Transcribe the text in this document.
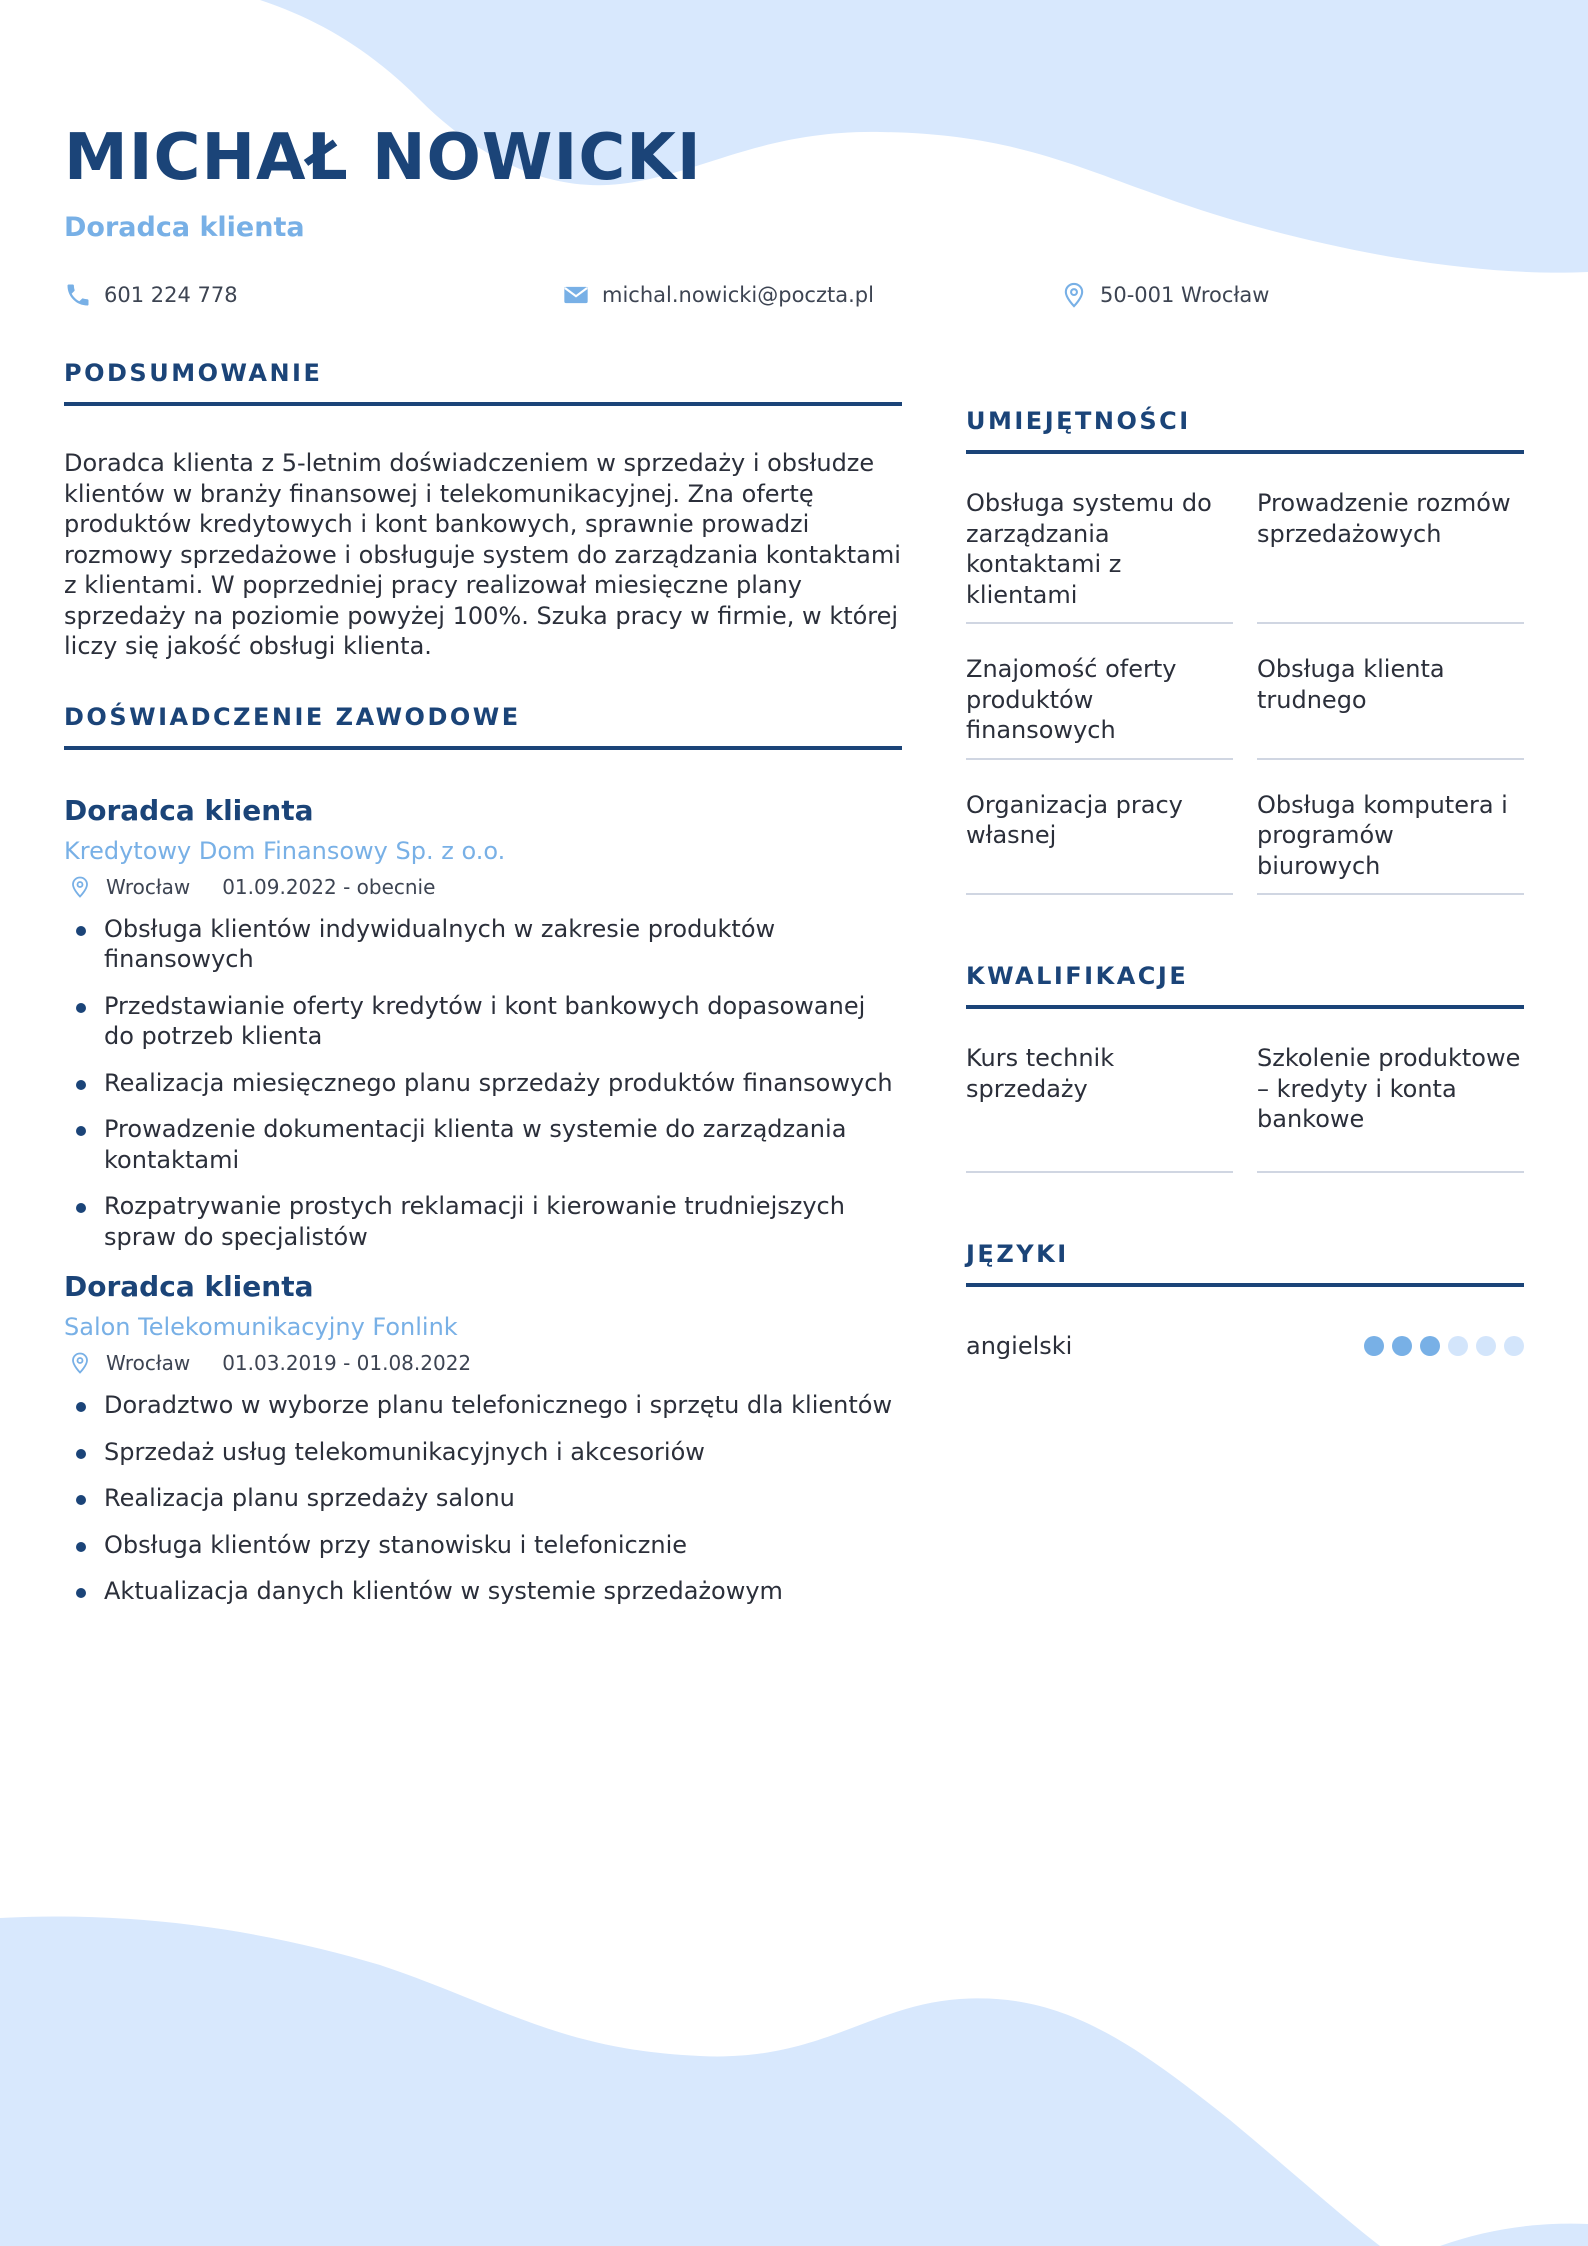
MICHAŁ NOWICKI
Doradca klienta
601 224 778	michal.nowicki@poczta.pl	50-001 Wrocław
PODSUMOWANIE

Doradca klienta z 5-letnim doświadczeniem w sprzedaży i obsłudze klientów w branży finansowej i telekomunikacyjnej. Zna ofertę produktów kredytowych i kont bankowych, sprawnie prowadzi rozmowy sprzedażowe i obsługuje system do zarządzania kontaktami z klientami. W poprzedniej pracy realizował miesięczne plany sprzedaży na poziomie powyżej 100%. Szuka pracy w firmie, w której liczy się jakość obsługi klienta.

DOŚWIADCZENIE ZAWODOWE
Doradca klienta
Kredytowy Dom Finansowy Sp. z o.o.
Wrocław 01.09.2022 - obecnie
Obsługa klientów indywidualnych w zakresie produktów finansowych
Przedstawianie oferty kredytów i kont bankowych dopasowanej do potrzeb klienta
Realizacja miesięcznego planu sprzedaży produktów finansowych
Prowadzenie dokumentacji klienta w systemie do zarządzania kontaktami
Rozpatrywanie prostych reklamacji i kierowanie trudniejszych spraw do specjalistów
Doradca klienta
Salon Telekomunikacyjny Fonlink
Wrocław 01.03.2019 - 01.08.2022
Doradztwo w wyborze planu telefonicznego i sprzętu dla klientów
Sprzedaż usług telekomunikacyjnych i akcesoriów
Realizacja planu sprzedaży salonu
Obsługa klientów przy stanowisku i telefonicznie
Aktualizacja danych klientów w systemie sprzedażowym
UMIEJĘTNOŚCI
Obsługa systemu do zarządzania kontaktami z klientami
Prowadzenie rozmów sprzedażowych
Znajomość oferty produktów finansowych
Obsługa klienta trudnego
Organizacja pracy własnej
Obsługa komputera i programów biurowych
KWALIFIKACJE
Kurs technik sprzedaży
Szkolenie produktowe – kredyty i konta bankowe
JĘZYKI
angielski
